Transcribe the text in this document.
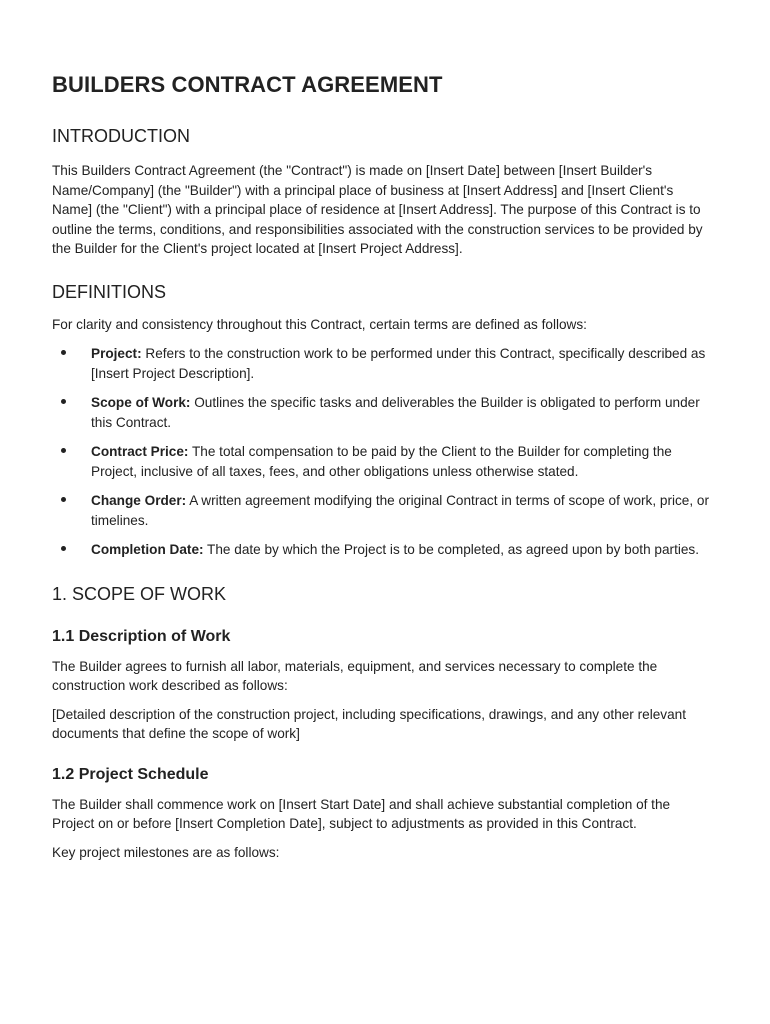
BUILDERS CONTRACT AGREEMENT
INTRODUCTION

This Builders Contract Agreement (the "Contract") is made on [Insert Date] between [Insert Builder's Name/Company] (the "Builder") with a principal place of business at [Insert Address] and [Insert Client's Name] (the "Client") with a principal place of residence at [Insert Address]. The purpose of this Contract is to outline the terms, conditions, and responsibilities associated with the construction services to be provided by the Builder for the Client's project located at [Insert Project Address].

DEFINITIONS

For clarity and consistency throughout this Contract, certain terms are defined as follows:

Project: Refers to the construction work to be performed under this Contract, specifically described as [Insert Project Description].
Scope of Work: Outlines the specific tasks and deliverables the Builder is obligated to perform under this Contract.
Contract Price: The total compensation to be paid by the Client to the Builder for completing the Project, inclusive of all taxes, fees, and other obligations unless otherwise stated.
Change Order: A written agreement modifying the original Contract in terms of scope of work, price, or timelines.
Completion Date: The date by which the Project is to be completed, as agreed upon by both parties.
1. SCOPE OF WORK
1.1 Description of Work

The Builder agrees to furnish all labor, materials, equipment, and services necessary to complete the construction work described as follows:

[Detailed description of the construction project, including specifications, drawings, and any other relevant documents that define the scope of work]

1.2 Project Schedule

The Builder shall commence work on [Insert Start Date] and shall achieve substantial completion of the Project on or before [Insert Completion Date], subject to adjustments as provided in this Contract.

Key project milestones are as follows:
